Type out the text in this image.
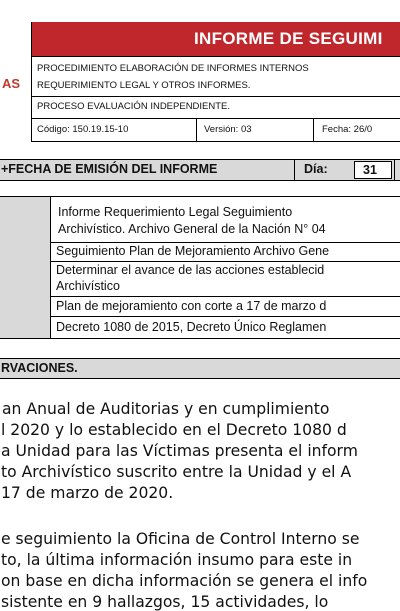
AS
INFORME DE SEGUIMI
PROCEDIMIENTO ELABORACIÓN DE INFORMES INTERNOS
REQUERIMIENTO LEGAL Y OTROS INFORMES.
PROCESO EVALUACIÓN INDEPENDIENTE.
Código: 150.19.15-10	Versión: 03	Fecha: 26/0
+FECHA DE EMISIÓN DEL INFORME	Día:	31
Informe Requerimiento Legal Seguimiento
Archivístico. Archivo General de la Nación N° 04
Seguimiento Plan de Mejoramiento Archivo Gene
Determinar el avance de las acciones establecid
Archivístico
Plan de mejoramiento con corte a 17 de marzo d
Decreto 1080 de 2015, Decreto Único Reglamen
RVACIONES.
an Anual de Auditorias y en cumplimiento
l 2020 y lo establecido en el Decreto 1080 d
a Unidad para las Víctimas presenta el inform
to Archivístico suscrito entre la Unidad y el A
17 de marzo de 2020.
e seguimiento la Oficina de Control Interno se
to, la última información insumo para este in
on base en dicha información se genera el info
sistente en 9 hallazgos, 15 actividades, lo
